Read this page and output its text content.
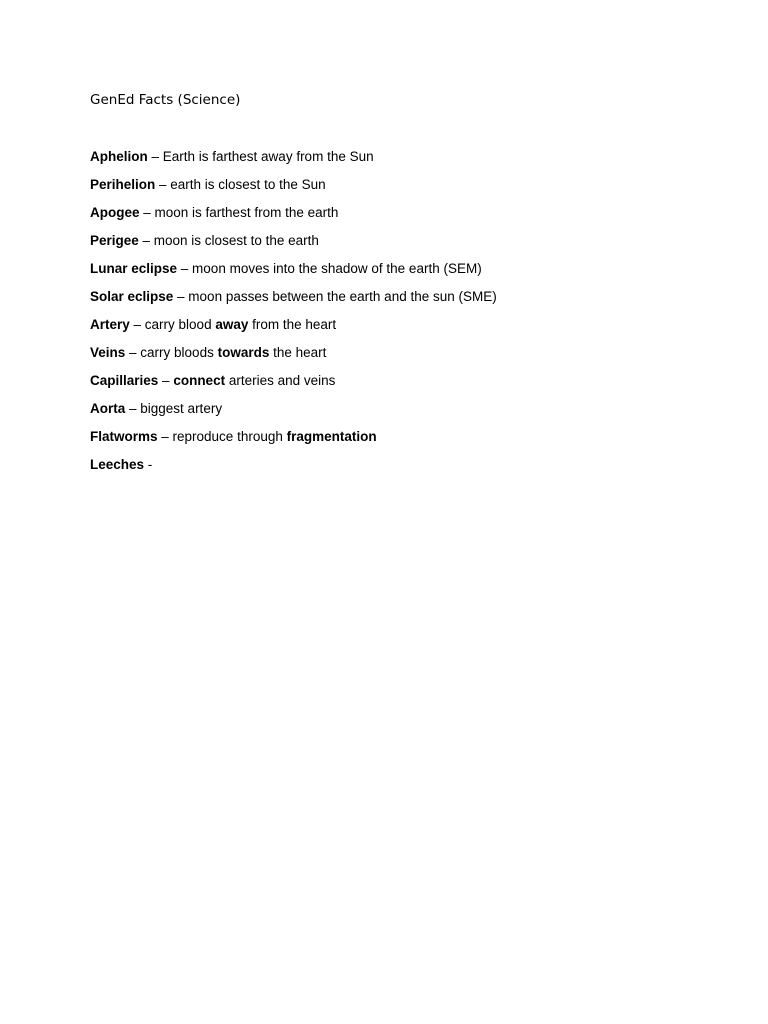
GenEd Facts (Science)
Aphelion – Earth is farthest away from the Sun
Perihelion – earth is closest to the Sun
Apogee – moon is farthest from the earth
Perigee – moon is closest to the earth
Lunar eclipse – moon moves into the shadow of the earth (SEM)
Solar eclipse – moon passes between the earth and the sun (SME)
Artery – carry blood away from the heart
Veins – carry bloods towards the heart
Capillaries – connect arteries and veins
Aorta – biggest artery
Flatworms – reproduce through fragmentation
Leeches -
